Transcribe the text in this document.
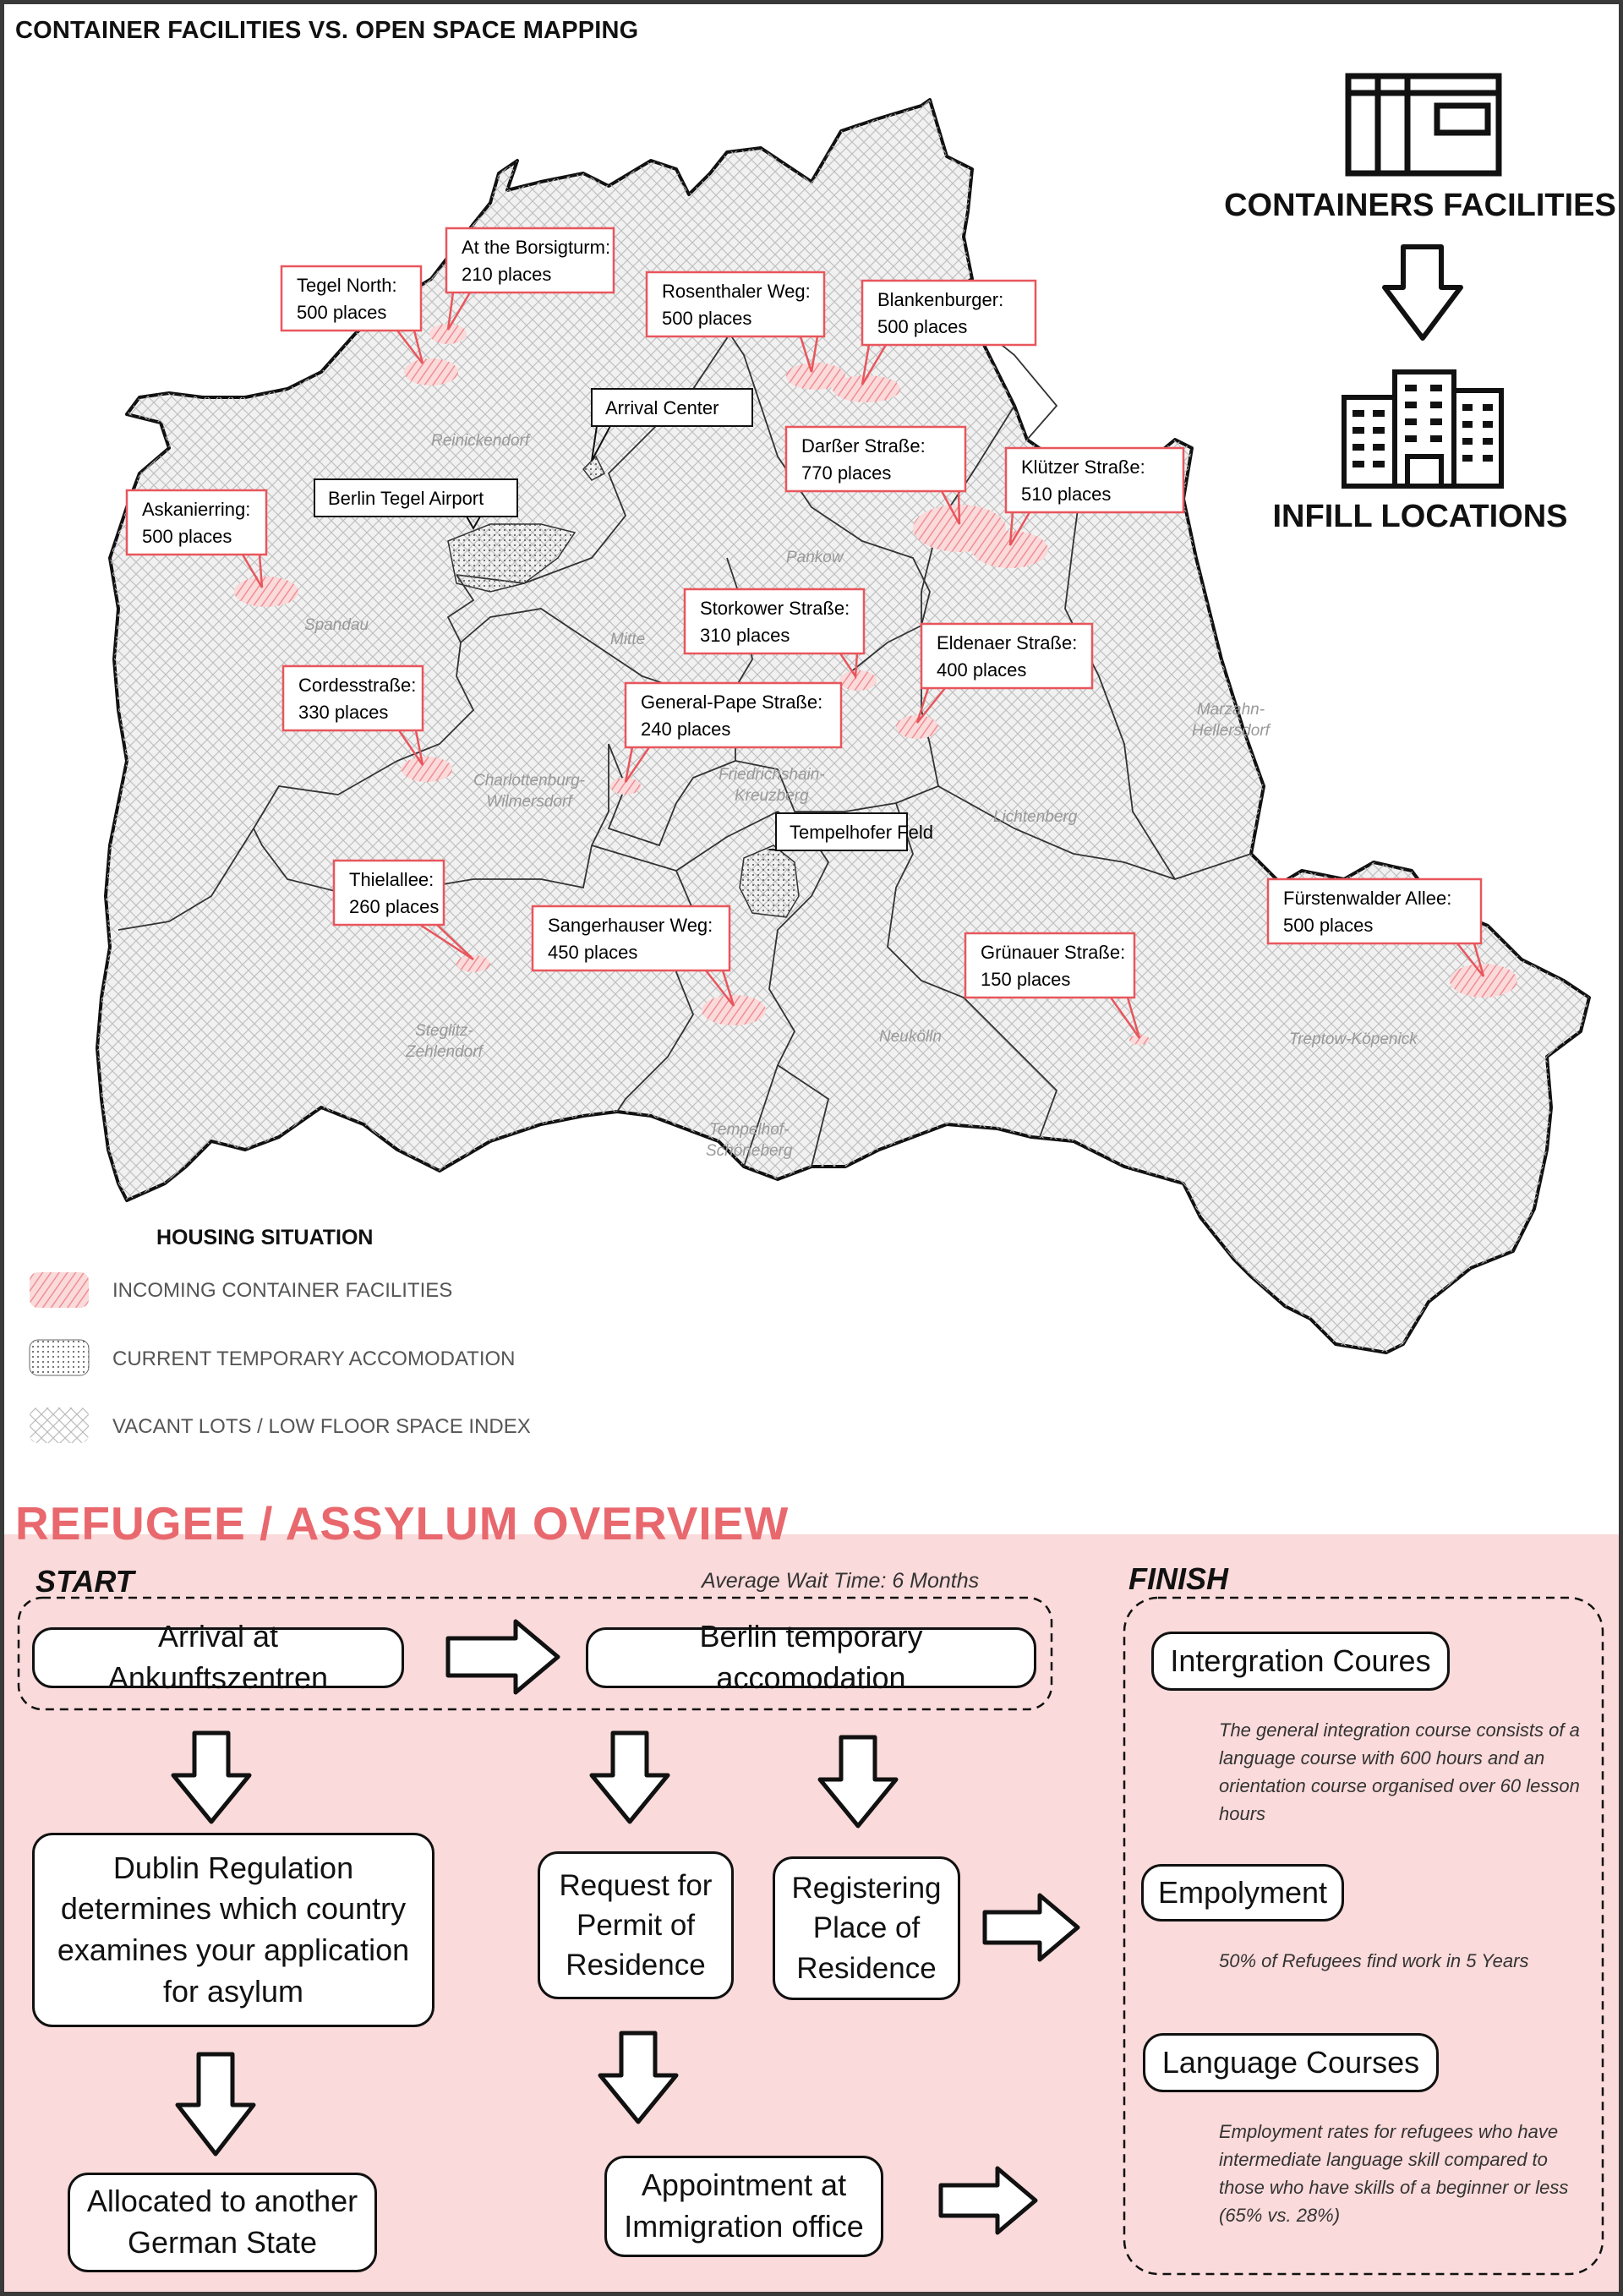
Tegel North:
500 places
At the Borsigturm:
210 places
Rosenthaler Weg:
500 places
Blankenburger:
500 places
Darßer Straße:
770 places	Klützer Straße:
510 places
Askanierring:
500 places
Storkower Straße:
310 places	Eldenaer Straße:
400 places
Cordesstraße:
330 places	General-Pape Straße:
240 places
Thielallee:
260 places
Sangerhauser Weg:
450 places	Grünauer Straße:
150 places
Fürstenwalder Allee:
500 places
Arrival Center
Berlin Tegel Airport
Tempelhofer Feld
CONTAINER FACILITIES VS. OPEN SPACE MAPPING
CONTAINERS FACILITIES
INFILL LOCATIONS
Reinickendorf
Spandau
Mitte
Pankow
Charlottenburg-
Wilmersdorf
Friedrichshain-
Kreuzberg
Lichtenberg
Marzahn-
Hellersdorf
Steglitz-
Zehlendorf
Tempelhof-
Schöneberg
Neukölln	Treptow-Köpenick
HOUSING SITUATION
INCOMING CONTAINER FACILITIES
CURRENT TEMPORARY ACCOMODATION
VACANT LOTS / LOW FLOOR SPACE INDEX
REFUGEE / ASSYLUM OVERVIEW
START	FINISH
Average Wait Time: 6 Months
Arrival at Ankunftszentren
Berlin temporary accomodation
Dublin Regulation determines which country examines your application for asylum
Allocated to another German State
Request for Permit of Residence
Registering Place of Residence
Appointment at Immigration office
Intergration Coures
The general integration course consists of a language course with 600 hours and an orientation course organised over 60 lesson hours
Empolyment
50% of Refugees find work in 5 Years
Language Courses
Employment rates for refugees who have intermediate language skill compared to those who have skills of a beginner or less (65% vs. 28%)
